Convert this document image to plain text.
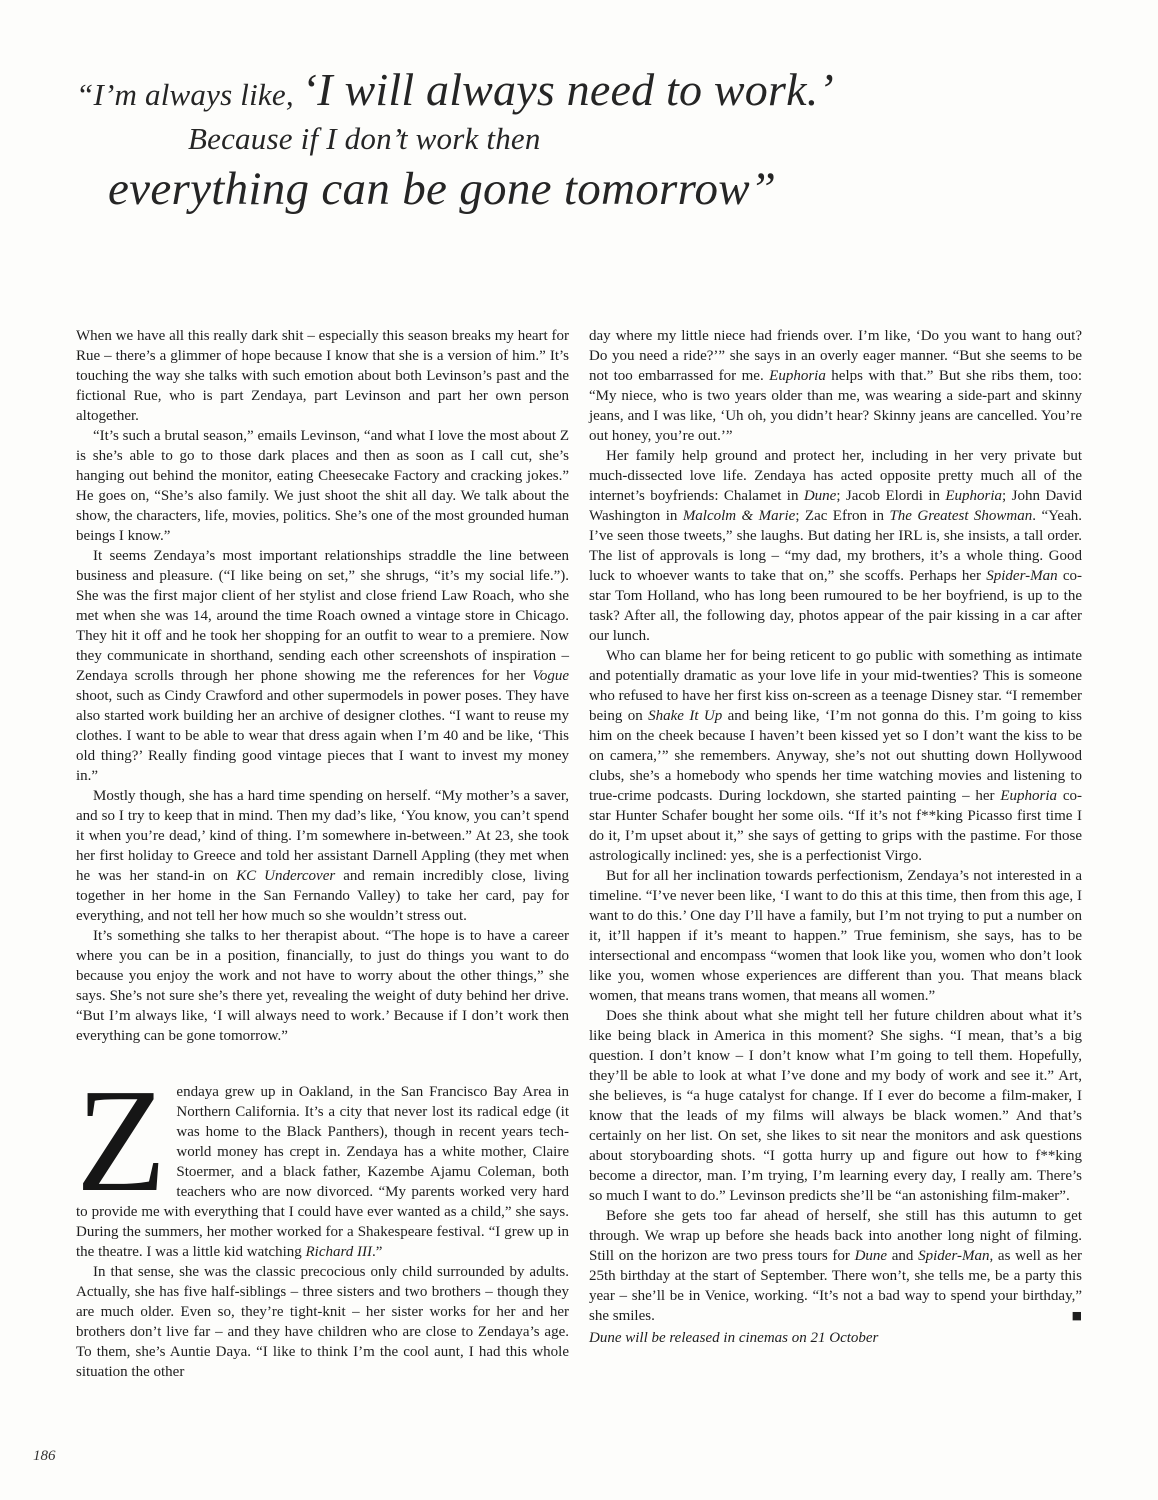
“I’m always like, ‘I will always need to work.’
Because if I don’t work then
everything can be gone tomorrow”

When we have all this really dark shit – especially this season breaks my heart for Rue – there’s a glimmer of hope because I know that she is a version of him.” It’s touching the way she talks with such emotion about both Levinson’s past and the fictional Rue, who is part Zendaya, part Levinson and part her own person altogether.

“It’s such a brutal season,” emails Levinson, “and what I love the most about Z is she’s able to go to those dark places and then as soon as I call cut, she’s hanging out behind the monitor, eating Cheesecake Factory and cracking jokes.” He goes on, “She’s also family. We just shoot the shit all day. We talk about the show, the characters, life, movies, politics. She’s one of the most grounded human beings I know.”

It seems Zendaya’s most important relationships straddle the line between business and pleasure. (“I like being on set,” she shrugs, “it’s my social life.”). She was the first major client of her stylist and close friend Law Roach, who she met when she was 14, around the time Roach owned a vintage store in Chicago. They hit it off and he took her shopping for an outfit to wear to a premiere. Now they communicate in shorthand, sending each other screenshots of inspiration – Zendaya scrolls through her phone showing me the references for her Vogue shoot, such as Cindy Crawford and other supermodels in power poses. They have also started work building her an archive of designer clothes. “I want to reuse my clothes. I want to be able to wear that dress again when I’m 40 and be like, ‘This old thing?’ Really finding good vintage pieces that I want to invest my money in.”

Mostly though, she has a hard time spending on herself. “My mother’s a saver, and so I try to keep that in mind. Then my dad’s like, ‘You know, you can’t spend it when you’re dead,’ kind of thing. I’m somewhere in-between.” At 23, she took her first holiday to Greece and told her assistant Darnell Appling (they met when he was her stand-in on KC Undercover and remain incredibly close, living together in her home in the San Fernando Valley) to take her card, pay for everything, and not tell her how much so she wouldn’t stress out.

It’s something she talks to her therapist about. “The hope is to have a career where you can be in a position, financially, to just do things you want to do because you enjoy the work and not have to worry about the other things,” she says. She’s not sure she’s there yet, revealing the weight of duty behind her drive. “But I’m always like, ‘I will always need to work.’ Because if I don’t work then everything can be gone tomorrow.”

Zendaya grew up in Oakland, in the San Francisco Bay Area in Northern California. It’s a city that never lost its radical edge (it was home to the Black Panthers), though in recent years tech-world money has crept in. Zendaya has a white mother, Claire Stoermer, and a black father, Kazembe Ajamu Coleman, both teachers who are now divorced. “My parents worked very hard to provide me with everything that I could have ever wanted as a child,” she says. During the summers, her mother worked for a Shakespeare festival. “I grew up in the theatre. I was a little kid watching Richard III.”

In that sense, she was the classic precocious only child surrounded by adults. Actually, she has five half-siblings – three sisters and two brothers – though they are much older. Even so, they’re tight-knit – her sister works for her and her brothers don’t live far – and they have children who are close to Zendaya’s age. To them, she’s Auntie Daya. “I like to think I’m the cool aunt, I had this whole situation the other

day where my little niece had friends over. I’m like, ‘Do you want to hang out? Do you need a ride?’” she says in an overly eager manner. “But she seems to be not too embarrassed for me. Euphoria helps with that.” But she ribs them, too: “My niece, who is two years older than me, was wearing a side-part and skinny jeans, and I was like, ‘Uh oh, you didn’t hear? Skinny jeans are cancelled. You’re out honey, you’re out.’”

Her family help ground and protect her, including in her very private but much-dissected love life. Zendaya has acted opposite pretty much all of the internet’s boyfriends: Chalamet in Dune; Jacob Elordi in Euphoria; John David Washington in Malcolm & Marie; Zac Efron in The Greatest Showman. “Yeah. I’ve seen those tweets,” she laughs. But dating her IRL is, she insists, a tall order. The list of approvals is long – “my dad, my brothers, it’s a whole thing. Good luck to whoever wants to take that on,” she scoffs. Perhaps her Spider-Man co-star Tom Holland, who has long been rumoured to be her boyfriend, is up to the task? After all, the following day, photos appear of the pair kissing in a car after our lunch.

Who can blame her for being reticent to go public with something as intimate and potentially dramatic as your love life in your mid-twenties? This is someone who refused to have her first kiss on-screen as a teenage Disney star. “I remember being on Shake It Up and being like, ‘I’m not gonna do this. I’m going to kiss him on the cheek because I haven’t been kissed yet so I don’t want the kiss to be on camera,’” she remembers. Anyway, she’s not out shutting down Hollywood clubs, she’s a homebody who spends her time watching movies and listening to true-crime podcasts. During lockdown, she started painting – her Euphoria co-star Hunter Schafer bought her some oils. “If it’s not f**king Picasso first time I do it, I’m upset about it,” she says of getting to grips with the pastime. For those astrologically inclined: yes, she is a perfectionist Virgo.

But for all her inclination towards perfectionism, Zendaya’s not interested in a timeline. “I’ve never been like, ‘I want to do this at this time, then from this age, I want to do this.’ One day I’ll have a family, but I’m not trying to put a number on it, it’ll happen if it’s meant to happen.” True feminism, she says, has to be intersectional and encompass “women that look like you, women who don’t look like you, women whose experiences are different than you. That means black women, that means trans women, that means all women.”

Does she think about what she might tell her future children about what it’s like being black in America in this moment? She sighs. “I mean, that’s a big question. I don’t know – I don’t know what I’m going to tell them. Hopefully, they’ll be able to look at what I’ve done and my body of work and see it.” Art, she believes, is “a huge catalyst for change. If I ever do become a film-maker, I know that the leads of my films will always be black women.” And that’s certainly on her list. On set, she likes to sit near the monitors and ask questions about storyboarding shots. “I gotta hurry up and figure out how to f**king become a director, man. I’m trying, I’m learning every day, I really am. There’s so much I want to do.” Levinson predicts she’ll be “an astonishing film-maker”.

Before she gets too far ahead of herself, she still has this autumn to get through. We wrap up before she heads back into another long night of filming. Still on the horizon are two press tours for Dune and Spider-Man, as well as her 25th birthday at the start of September. There won’t, she tells me, be a party this year – she’ll be in Venice, working. “It’s not a bad way to spend your birthday,” she smiles.	■

Dune will be released in cinemas on 21 October

186
